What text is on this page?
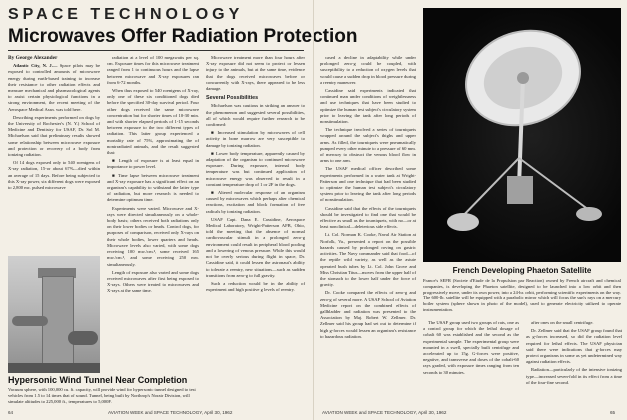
SPACE TECHNOLOGY
Microwaves Offer Radiation Protection

By George Alexander

Atlantic City, N. J.— Space pilots may be exposed to controlled amounts of microwave energy during earth-based training to increase their resistance to other radiation effects and measure mechanical and pharmacological agents to assist certain physiological functions in a strong environment, the recent meeting of the Aerospace Medical Assn. was told here.

Describing experiments performed on dogs by the University of Rochester's (N. Y.) School of Medicine and Dentistry for USAF, Dr. Sol M. Michaelson said that preliminary results showed some relationship between microwave exposure and protection or recovery of a body from ionizing radiation.

Of 14 dogs exposed only to 540 roentgens of X-ray radiation, 15-or about 67%—died within an average of 15 days. Before being subjected to this X-ray power, six different dogs were exposed to 2,800 mc. pulsed microwave

radiation at a level of 100 megawatts per sq. cm. Exposure times for this microwave treatment ranged from 1 to continuous hours and the lapse between microwave and X-ray exposures ran from 6-72 months.

When thus exposed to 540 roentgens of X-ray, only one of these six conditioned dogs died before the specified 30-day survival period. Four other dogs received the same microwave concentration but for shorter times of 10-30 min. and with shorter elapsed periods of 1-15 seconds between exposure to the two different types of radiation. This latter group experienced a mortality rate of 75%, approximating the of nonirradiated animals, and the result suggested that:

■ Length of exposure is at least equal in importance to power level.

■ Time lapse between microwave treatment and X-ray exposure has a significant effect on an organism's capability to withstand the latter type of radiation, but more research is needed to determine optimum time.

Experiments were varied. Microwave and X-rays were directed simultaneously on a whole-body basis; others received both radiations only on their lower bodies or heads. Control dogs, for purposes of comparison, received only X-rays on their whole bodies, lower quarters and heads. Microwave levels also varied, with some dogs receiving 100 mw./cm.², some received 165 mw./cm.², and some receiving 250 mw. simultaneously.

Length of exposure also varied and some dogs received microwaves after first being exposed to X-rays. Others were treated to microwaves and X-rays at the same time.

Microwave treatment more than four hours after X-ray exposure did not seem to protect or lessen injury to the animals, but at the same time, evidence that the dogs received microwaves before or concurrently with X-rays, there appeared to be less damage.

Several Possibilities

Michaelson was cautious in striking an answer to the phenomenon and suggested several possibilities, all of which would require further research to be confirmed:

■ Increased stimulation by microwaves of cell activity in bone marrow are very susceptible to damage by ionizing radiation.

■ Lower body temperature, apparently caused by adaptation of the organism to continued microwave exposure. During exposure, internal body temperature was but continued application of microwave energy was observed to result in a constant temperature drop of 1 or 2F in the dogs.

■ Altered molecular response of an organism caused by microwaves which perhaps alter chemical reactions, excitation and block formation of free radicals by ionizing radiation.

USAF Capt. Dana E. Cassidine, Aerospace Medical Laboratory, Wright-Patterson AFB, Ohio, told the meeting that the absence of normal cardiovascular stimuli in a prolonged zero-g environment could result in peripheral blood pooling and a lowering of venous pressure. While this would not be overly serious during flight in space, Dr. Cassidine said, it could lessen the astronaut's ability to tolerate a reentry, new situations—such as sudden transitions from zero-g to full gravity.

Such a reduction would be in the ability of experiment and high positive g levels of reentry.

Hypersonic Wind Tunnel Near Completion
Vacuum sphere, with 100,000 cu. ft. capacity, will provide wind for hypersonic tunnel designed to test vehicles from 1.5 to 14 times that of sound. Tunnel, being built by Northrop's Norair Division, will simulate altitudes to 225,000 ft., temperatures to 5,000F.
64	AVIATION WEEK and SPACE TECHNOLOGY, April 30, 1962

cased a decline in adaptability while under prolonged zero-g could be coupled, with susceptibility to a reduction of oxygen levels that would cause a sudden drop in blood pressure during a reentry maneuver.

Cassidine said experiments indicated that continued man under conditions of weightlessness and use techniques that have been studied to optimize the human test subject's circulatory system prior to leaving the tank after long periods of nonstimulation.

The technique involved a series of tourniquets wrapped around the subject's thighs and upper arms. As filled, the tourniquets were pneumatically pumped every other minute to a pressure of 60 mm. of mercury to obstruct the venous blood flow in arms to one arm.

The USAF medical officer described some experiments performed in a water tank at Wright-Patterson and one technique that had been studied to optimize the human test subject's circulatory system prior to leaving the tank after long periods of nonstimulation.

Cassidine said that the effects of the tourniquets should be investigated to find one that would be effective as small as the tourniquets, with no—or at least nonclinical—deleterious side effects.

Lt. Col. Norman K. Cooke, Naval Air Station at Norfolk, Va., presented a report on the possible hazards caused by prolonged roving on gastric activities. The Navy commander said that food—of the reptile wild variety, as well as the astute operated bush tubes by Lt. Col. John Grove and Miss Christian Titus—moves from the upper half of the stomach to the lower half under the force of gravity.

Dr. Cooke compared the effects of zero-g and zero-g of several more. A USAF School of Aviation Medicine report on the combined effects of gallbladder and radiation was presented to the Association by Maj. Robert W. Zellmer. Dr. Zellmer said his group had set out to determine if high g-forces would lessen an organism's resistance to hazardous radiation.

French Developing Phaeton Satellite
France's SEFR (Societe d'Etude de la Propulsion par Reaction) owned by French aircraft and chemical companies, is developing the Phaeton satellite, designed to be launched into a low orbit and then progressively move, under its own power, into a 24-hr. orbit, performing scientific experiments on the way. The 600-lb. satellite will be equipped with a parabolic mirror which will focus the sun's rays on a mercury boiler system (sphere shown in photo of the model), used to generate electricity utilized to operate instrumentation.

The USAF group used two groups of rats, one as a control group for which the lethal dosage of cobalt 60 was established and the second as the experimental sample. The experimental group were mounted in a swell, specially built centrifuge and accelerated up to 15g. G-forces were positive, negative, and transverse and doses of the cobalt-60 rays graded, with exposure times ranging from ten seconds to 30 minutes.

after ones on the small centrifuge.

Dr. Zellmer said that the USAF group found that as g-forces increased, so did the radiation level required for lethal effects. The USAF physician said there were indications that g-forces may protect organisms in some as yet undetermined way against radiation effects.

Radiation—particularly of the intensive ionizing type—increased seven-fold in its effect from a time of the four-fine second.

AVIATION WEEK and SPACE TECHNOLOGY, April 30, 1962	65
